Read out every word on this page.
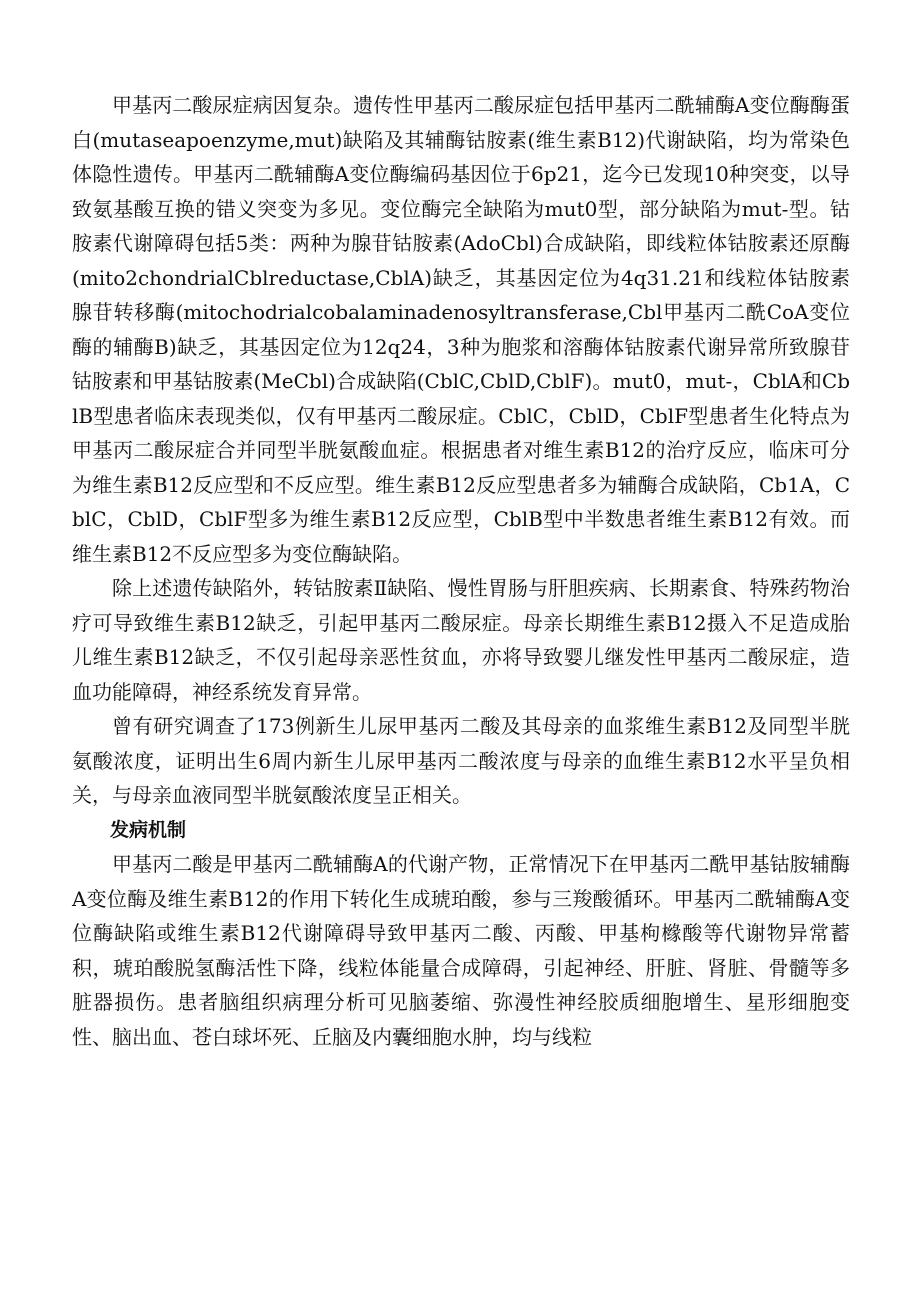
甲基丙二酸尿症病因复杂。遗传性甲基丙二酸尿症包括甲基丙二酰辅酶A变位酶酶蛋白(mutaseapoenzyme,mut)缺陷及其辅酶钴胺素(维生素B12)代谢缺陷，均为常染色体隐性遗传。甲基丙二酰辅酶A变位酶编码基因位于6p21，迄今已发现10种突变，以导致氨基酸互换的错义突变为多见。变位酶完全缺陷为mut0型，部分缺陷为mut-型。钴胺素代谢障碍包括5类：两种为腺苷钴胺素(AdoCbl)合成缺陷，即线粒体钴胺素还原酶(mito2chondrialCblreductase,CblA)缺乏，其基因定位为4q31.21和线粒体钴胺素腺苷转移酶(mitochodrialcobalaminadenosyltransferase,Cbl甲基丙二酰CoA变位酶的辅酶B)缺乏，其基因定位为12q24，3种为胞浆和溶酶体钴胺素代谢异常所致腺苷钴胺素和甲基钴胺素(MeCbl)合成缺陷(CblC,CblD,CblF)。mut0，mut-，CblA和CblB型患者临床表现类似，仅有甲基丙二酸尿症。CblC，CblD，CblF型患者生化特点为甲基丙二酸尿症合并同型半胱氨酸血症。根据患者对维生素B12的治疗反应，临床可分为维生素B12反应型和不反应型。维生素B12反应型患者多为辅酶合成缺陷，Cb1A，CblC，CblD，CblF型多为维生素B12反应型，CblB型中半数患者维生素B12有效。而维生素B12不反应型多为变位酶缺陷。

除上述遗传缺陷外，转钴胺素Ⅱ缺陷、慢性胃肠与肝胆疾病、长期素食、特殊药物治疗可导致维生素B12缺乏，引起甲基丙二酸尿症。母亲长期维生素B12摄入不足造成胎儿维生素B12缺乏，不仅引起母亲恶性贫血，亦将导致婴儿继发性甲基丙二酸尿症，造血功能障碍，神经系统发育异常。

曾有研究调查了173例新生儿尿甲基丙二酸及其母亲的血浆维生素B12及同型半胱氨酸浓度，证明出生6周内新生儿尿甲基丙二酸浓度与母亲的血维生素B12水平呈负相关，与母亲血液同型半胱氨酸浓度呈正相关。

发病机制

甲基丙二酸是甲基丙二酰辅酶A的代谢产物，正常情况下在甲基丙二酰甲基钴胺辅酶A变位酶及维生素B12的作用下转化生成琥珀酸，参与三羧酸循环。甲基丙二酰辅酶A变位酶缺陷或维生素B12代谢障碍导致甲基丙二酸、丙酸、甲基枸橼酸等代谢物异常蓄积，琥珀酸脱氢酶活性下降，线粒体能量合成障碍，引起神经、肝脏、肾脏、骨髓等多脏器损伤。患者脑组织病理分析可见脑萎缩、弥漫性神经胶质细胞增生、星形细胞变性、脑出血、苍白球坏死、丘脑及内囊细胞水肿，均与线粒
